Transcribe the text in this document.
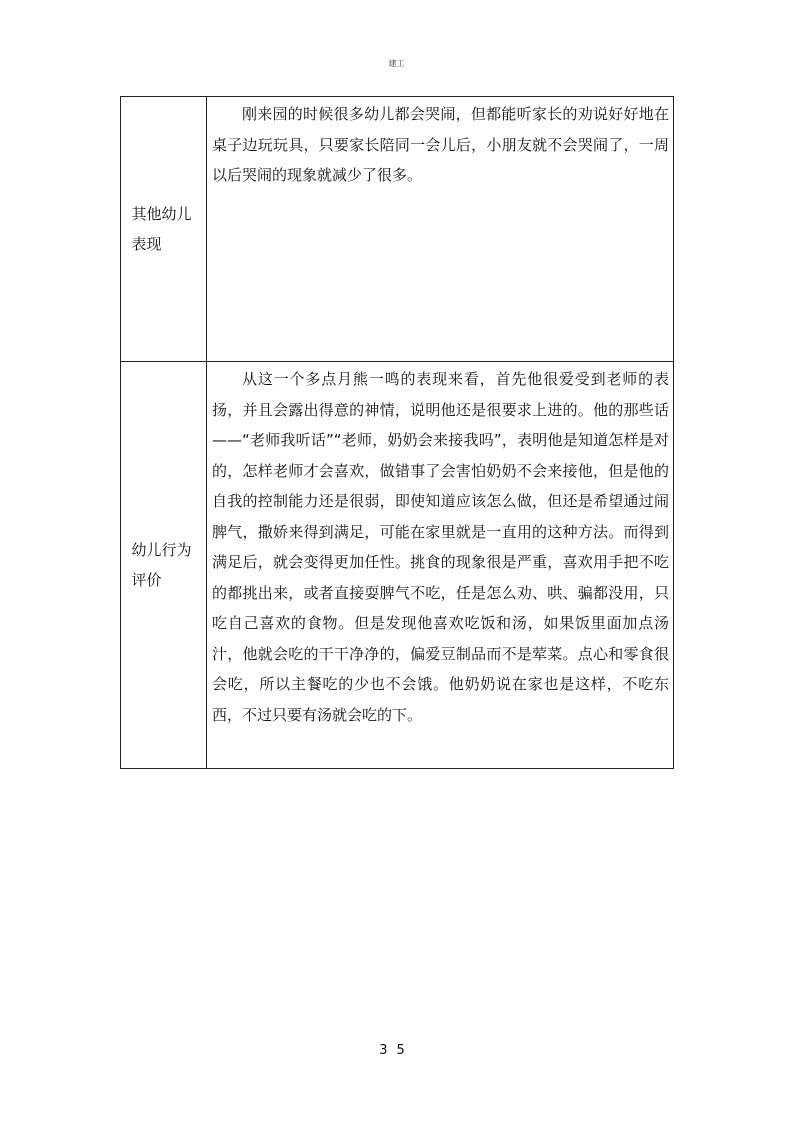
建工
其他幼儿表现	刚来园的时候很多幼儿都会哭闹，但都能听家长的劝说好好地在桌子边玩玩具，只要家长陪同一会儿后，小朋友就不会哭闹了，一周以后哭闹的现象就减少了很多。

幼儿行为评价	从这一个多点月熊一鸣的表现来看，首先他很爱受到老师的表扬，并且会露出得意的神情，说明他还是很要求上进的。他的那些话——“老师我听话”“老师，奶奶会来接我吗”，表明他是知道怎样是对的，怎样老师才会喜欢，做错事了会害怕奶奶不会来接他，但是他的自我的控制能力还是很弱，即使知道应该怎么做，但还是希望通过闹脾气，撒娇来得到满足，可能在家里就是一直用的这种方法。而得到满足后，就会变得更加任性。挑食的现象很是严重，喜欢用手把不吃的都挑出来，或者直接耍脾气不吃，任是怎么劝、哄、骗都没用，只吃自己喜欢的食物。但是发现他喜欢吃饭和汤，如果饭里面加点汤汁，他就会吃的干干净净的，偏爱豆制品而不是荤菜。点心和零食很会吃，所以主餐吃的少也不会饿。他奶奶说在家也是这样，不吃东西，不过只要有汤就会吃的下。

35
